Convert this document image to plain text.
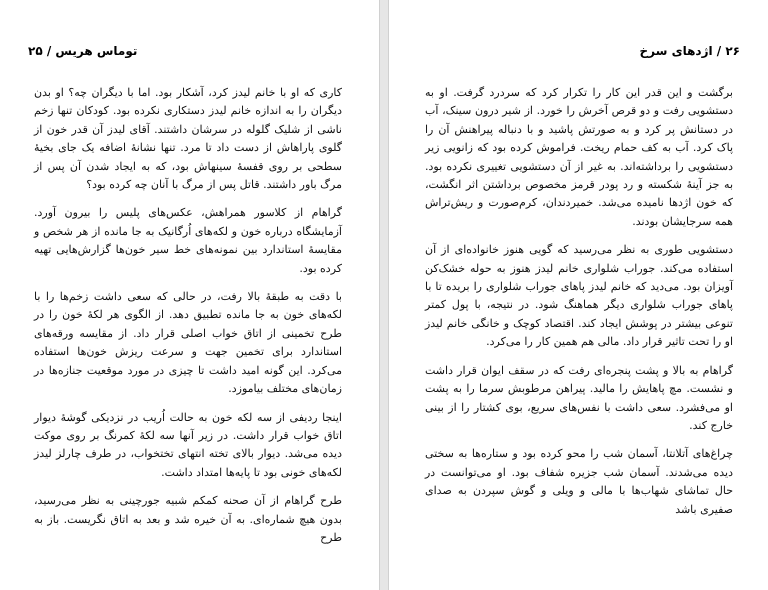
توماس هریس / ۲۵

کاری که او با خانم لیدز کرد، آشکار بود. اما با دیگران چه؟ او بدن دیگران را به اندازه خانم لیدز دستکاری نکرده بود. کودکان تنها زخم ناشی از شلیک گلوله در سرشان داشتند. آقای لیدز آن قدر خون از گلوی پاراهاش از دست داد تا مرد. تنها نشانهٔ اضافه یک جای بخیهٔ سطحی بر روی قفسهٔ سینهاش بود، که به ایجاد شدن آن پس از مرگ باور داشتند. قاتل پس از مرگ با آنان چه کرده بود؟

گراهام از کلاسور همراهش، عکس‌های پلیس را بیرون آورد. آزمایشگاه درباره خون و لکه‌های اُرگانیک به جا مانده از هر شخص و مقایسهٔ استاندارد بین نمونه‌های خط سیر خون‌ها گزارش‌هایی تهیه کرده بود.

با دقت به طبقهٔ بالا رفت، در حالی که سعی داشت زخم‌ها را با لکه‌های خون به جا مانده تطبیق دهد. از الگوی هر لکهٔ خون را در طرح تخمینی از اتاق خواب اصلی قرار داد. از مقایسه ورقه‌های استاندارد برای تخمین جهت و سرعت ریزش خون‌ها استفاده می‌کرد. این گونه امید داشت تا چیزی در مورد موقعیت جنازه‌ها در زمان‌های مختلف بیاموزد.

اینجا ردیفی از سه لکه خون به حالت اُریب در نزدیکی گوشهٔ دیوار اتاق خواب قرار داشت. در زیر آنها سه لکهٔ کمرنگ بر روی موکت دیده می‌شد. دیوار بالای تخته انتهای تختخواب، در طرف چارلز لیدز لکه‌های خونی بود تا پایه‌ها امتداد داشت.

طرح گراهام از آن صحنه کمکم شبیه جورچینی به نظر می‌رسید، بدون هیچ شماره‌ای. به آن خیره شد و بعد به اتاق نگریست. باز به طرح

۲۶ / اژدهای سرخ

برگشت و این قدر این کار را تکرار کرد که سردرد گرفت. او به دستشویی رفت و دو قرص آخرش را خورد. از شیر درون سینک، آب در دستانش پر کرد و به صورتش پاشید و با دنباله پیراهنش آن را پاک کرد. آب به کف حمام ریخت. فراموش کرده بود که زانویی زیر دستشویی را برداشته‌اند. به غیر از آن دستشویی تغییری نکرده بود. به جز آینهٔ شکسته و رد پودر قرمز مخصوص برداشتن اثر انگشت، که خون اژدها نامیده می‌شد. خمیردندان، کرم‌صورت و ریش‌تراش همه سرجایشان بودند.

دستشویی طوری به نظر می‌رسید که گویی هنوز خانواده‌ای از آن استفاده می‌کند. جوراب شلواری خانم لیدز هنوز به حوله خشک‌کن آویزان بود. می‌دید که خانم لیدز پاهای جوراب شلواری را بریده تا با پاهای جوراب شلواری دیگر هماهنگ شود. در نتیجه، با پول کمتر تنوعی بیشتر در پوشش ایجاد کند. اقتصاد کوچک و خانگی خانم لیدز او را تحت تاثیر قرار داد. مالی هم همین کار را می‌کرد.

گراهام به بالا و پشت پنجره‌ای رفت که در سقف ایوان قرار داشت و نشست. مچ پاهایش را مالید. پیراهن مرطوبش سرما را به پشت او می‌فشرد. سعی داشت با نفس‌های سریع، بوی کشتار را از بینی خارج کند.

چراغ‌های آتلانتا، آسمان شب را محو کرده بود و ستاره‌ها به سختی دیده می‌شدند. آسمان شب جزیره شفاف بود. او می‌توانست در حال تماشای شهاب‌ها با مالی و ویلی و گوش سپردن به صدای صفیری باشد
